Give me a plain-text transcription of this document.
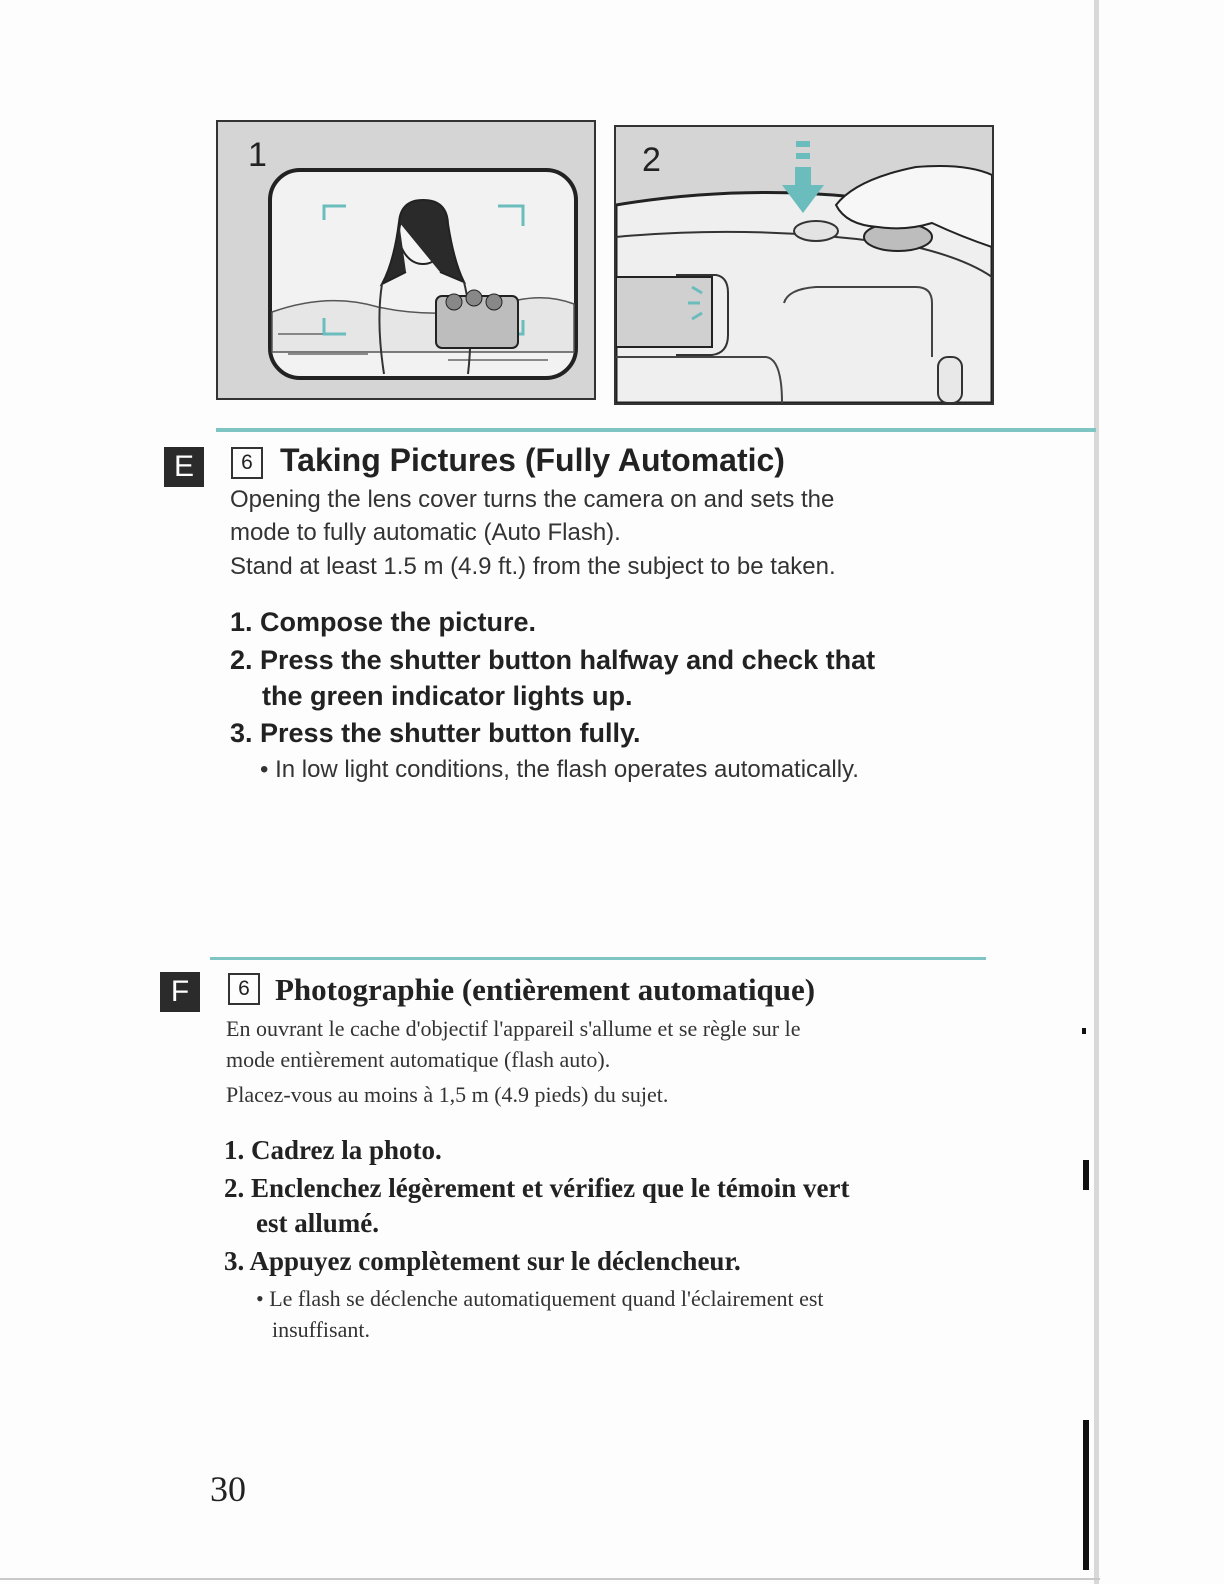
1	2
E	6 Taking Pictures (Fully Automatic)
Opening the lens cover turns the camera on and sets the
mode to fully automatic (Auto Flash).
Stand at least 1.5 m (4.9 ft.) from the subject to be taken.
1. Compose the picture.
2. Press the shutter button halfway and check that
the green indicator lights up.
3. Press the shutter button fully.
• In low light conditions, the flash operates automatically.
F	6 Photographie (entièrement automatique)
En ouvrant le cache d'objectif l'appareil s'allume et se règle sur le
mode entièrement automatique (flash auto).
Placez-vous au moins à 1,5 m (4.9 pieds) du sujet.
1. Cadrez la photo.
2. Enclenchez légèrement et vérifiez que le témoin vert
est allumé.
3. Appuyez complètement sur le déclencheur.
• Le flash se déclenche automatiquement quand l'éclairement est
insuffisant.
30
